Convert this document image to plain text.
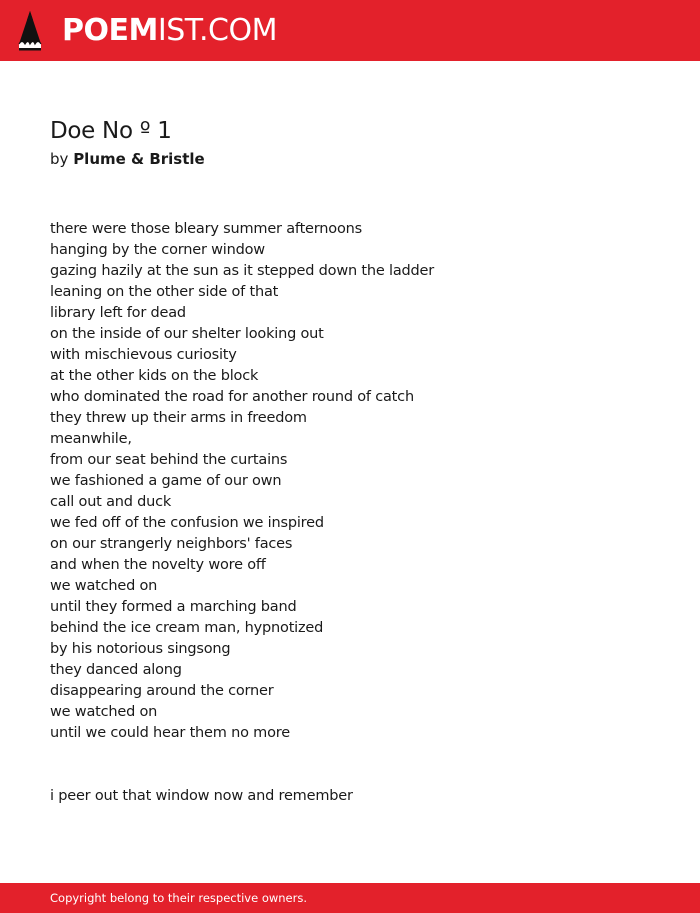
POEMIST.COM
Doe No º 1
by Plume & Bristle
there were those bleary summer afternoons
hanging by the corner window
gazing hazily at the sun as it stepped down the ladder
leaning on the other side of that
library left for dead
on the inside of our shelter looking out
with mischievous curiosity
at the other kids on the block
who dominated the road for another round of catch
they threw up their arms in freedom
meanwhile,
from our seat behind the curtains
we fashioned a game of our own
call out and duck
we fed off of the confusion we inspired
on our strangerly neighbors' faces
and when the novelty wore off
we watched on
until they formed a marching band
behind the ice cream man, hypnotized
by his notorious singsong
they danced along
disappearing around the corner
we watched on
until we could hear them no more
i peer out that window now and remember
Copyright belong to their respective owners.
